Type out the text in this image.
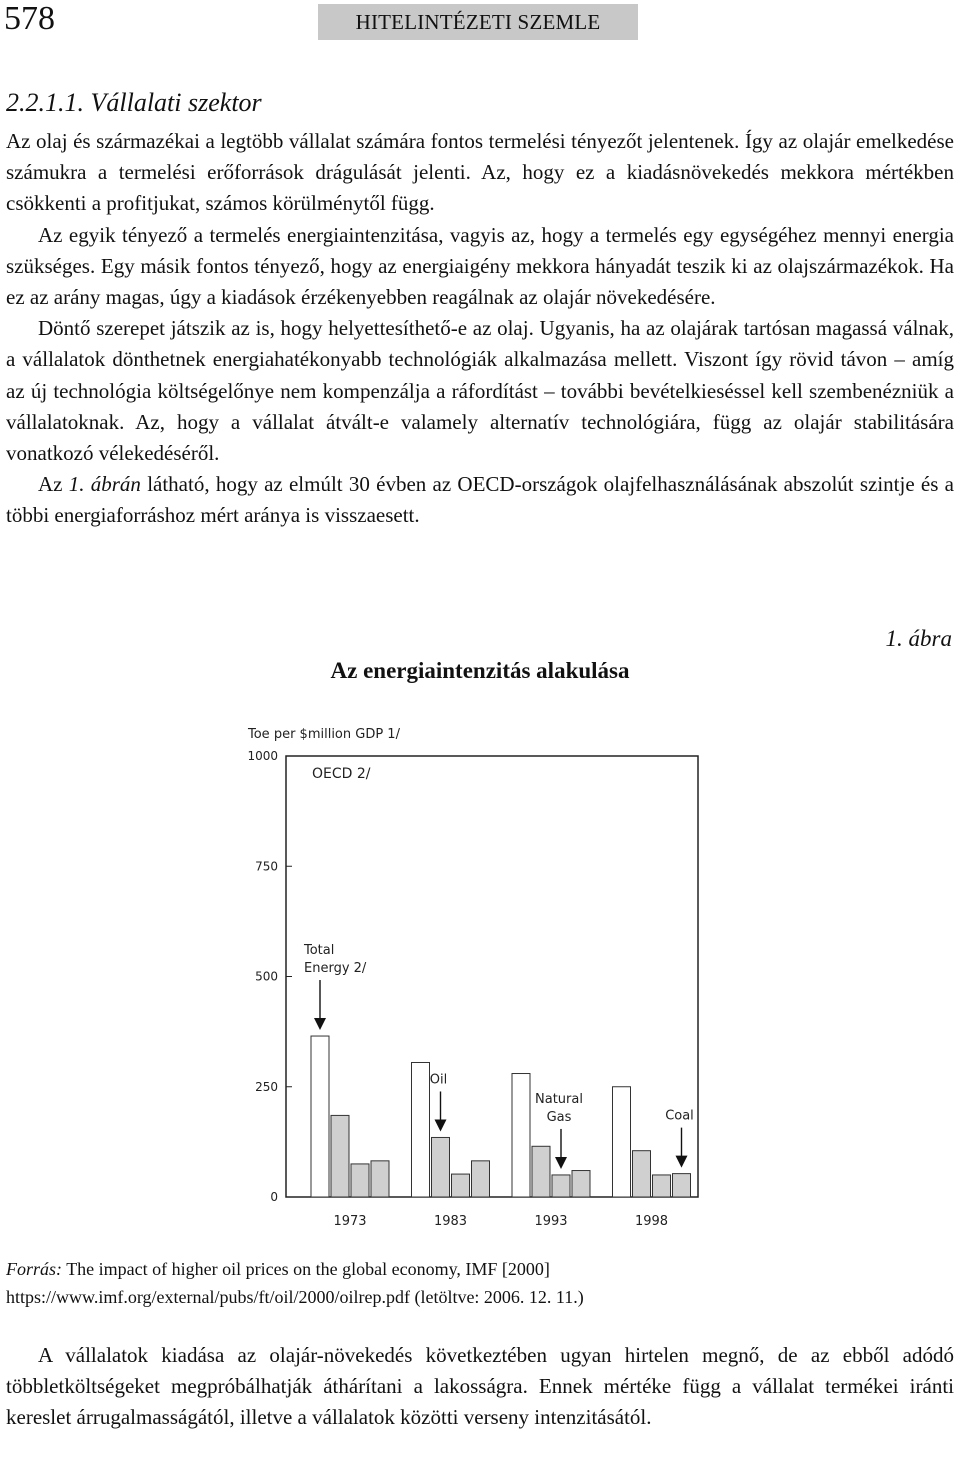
578	HITELINTÉZETI SZEMLE
2.2.1.1. Vállalati szektor

Az olaj és származékai a legtöbb vállalat számára fontos termelési tényezőt jelentenek. Így az olajár emelkedése számukra a termelési erőforrások drágulását jelenti. Az, hogy ez a kiadásnövekedés mekkora mértékben csökkenti a profitjukat, számos körülménytől függ.

Az egyik tényező a termelés energiaintenzitása, vagyis az, hogy a termelés egy egységéhez mennyi energia szükséges. Egy másik fontos tényező, hogy az energiaigény mekkora hányadát teszik ki az olajszármazékok. Ha ez az arány magas, úgy a kiadások érzékenyebben reagálnak az olajár növekedésére.

Döntő szerepet játszik az is, hogy helyettesíthető-e az olaj. Ugyanis, ha az olajárak tartósan magassá válnak, a vállalatok dönthetnek energiahatékonyabb technológiák alkalmazása mellett. Viszont így rövid távon – amíg az új technológia költségelőnye nem kompenzálja a ráfordítást – további bevételkieséssel kell szembenézniük a vállalatoknak. Az, hogy a vállalat átvált-e valamely alternatív technológiára, függ az olajár stabilitására vonatkozó vélekedéséről.

Az 1. ábrán látható, hogy az elmúlt 30 évben az OECD-országok olajfelhasználásának abszolút szintje és a többi energiaforráshoz mért aránya is visszaesett.

1. ábra
Az energiaintenzitás alakulása
Toe per $million GDP 1/
OECD 2/
0
250
500
750
1000
1973	1983	1993	1998
Total
Energy 2/
Oil
Natural
Gas	Coal
Forrás: The impact of higher oil prices on the global economy, IMF [2000]
https://www.imf.org/external/pubs/ft/oil/2000/oilrep.pdf (letöltve: 2006. 12. 11.)

A vállalatok kiadása az olajár-növekedés következtében ugyan hirtelen megnő, de az ebből adódó többletköltségeket megpróbálhatják áthárítani a lakosságra. Ennek mértéke függ a vállalat termékei iránti kereslet árrugalmasságától, illetve a vállalatok közötti verseny intenzitásától.
